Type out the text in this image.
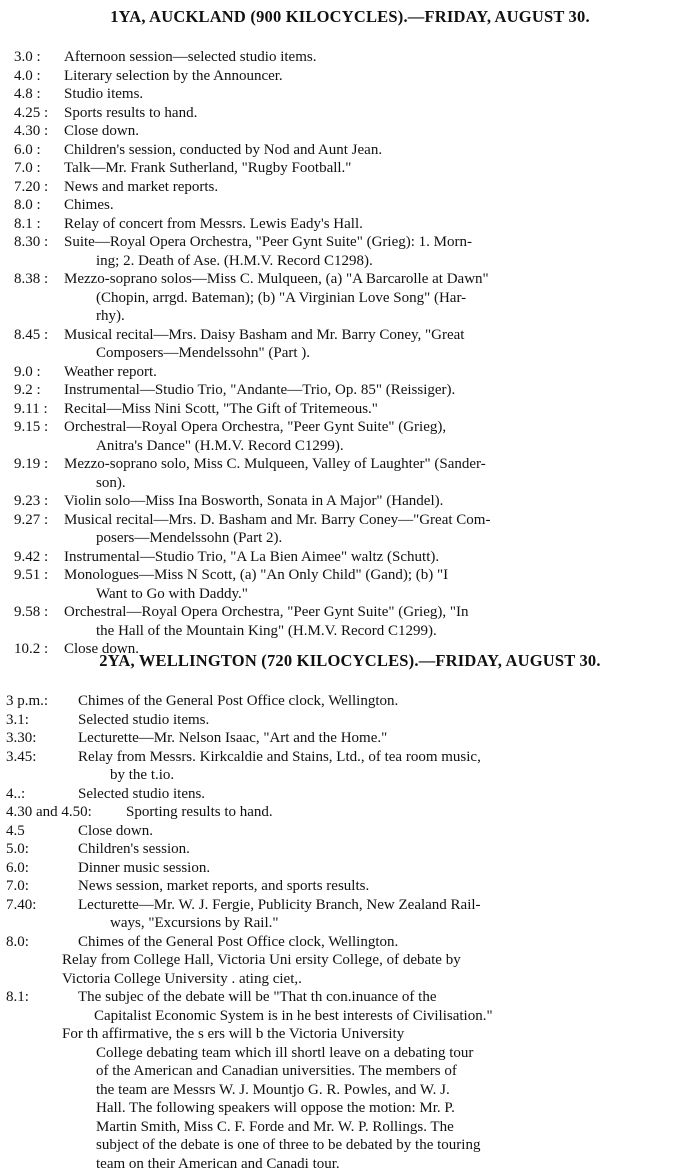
1YA, AUCKLAND (900 KILOCYCLES).—FRIDAY, AUGUST 30.
3.0 :	Afternoon session—selected studio items.
4.0 :	Literary selection by the Announcer.
4.8 :	Studio items.
4.25 :	Sports results to hand.
4.30 :	Close down.
6.0 :	Children's session, conducted by Nod and Aunt Jean.
7.0 :	Talk—Mr. Frank Sutherland, "Rugby Football."
7.20 :	News and market reports.
8.0 :	Chimes.
8.1 :	Relay of concert from Messrs. Lewis Eady's Hall.
8.30 :	Suite—Royal Opera Orchestra, "Peer Gynt Suite" (Grieg): 1. Morn-
ing; 2. Death of Ase. (H.M.V. Record C1298).
8.38 :	Mezzo-soprano solos—Miss C. Mulqueen, (a) "A Barcarolle at Dawn"
(Chopin, arrgd. Bateman); (b) "A Virginian Love Song" (Har-
rhy).
8.45 :	Musical recital—Mrs. Daisy Basham and Mr. Barry Coney, "Great
Composers—Mendelssohn" (Part ).
9.0 :	Weather report.
9.2 :	Instrumental—Studio Trio, "Andante—Trio, Op. 85" (Reissiger).
9.11 :	Recital—Miss Nini Scott, "The Gift of Tritemeous."
9.15 :	Orchestral—Royal Opera Orchestra, "Peer Gynt Suite" (Grieg),
Anitra's Dance" (H.M.V. Record C1299).
9.19 :	Mezzo-soprano solo, Miss C. Mulqueen, Valley of Laughter" (Sander-
son).
9.23 :	Violin solo—Miss Ina Bosworth, Sonata in A Major" (Handel).
9.27 :	Musical recital—Mrs. D. Basham and Mr. Barry Coney—"Great Com-
posers—Mendelssohn (Part 2).
9.42 :	Instrumental—Studio Trio, "A La Bien Aimee" waltz (Schutt).
9.51 :	Monologues—Miss N Scott, (a) "An Only Child" (Gand); (b) "I
Want to Go with Daddy."
9.58 :	Orchestral—Royal Opera Orchestra, "Peer Gynt Suite" (Grieg), "In
the Hall of the Mountain King" (H.M.V. Record C1299).
10.2 :	Close down.
2YA, WELLINGTON (720 KILOCYCLES).—FRIDAY, AUGUST 30.
3 p.m.:	Chimes of the General Post Office clock, Wellington.
3.1:	Selected studio items.
3.30:	Lecturette—Mr. Nelson Isaac, "Art and the Home."
3.45:	Relay from Messrs. Kirkcaldie and Stains, Ltd., of tea room music,
by the t.io.
4..:	Selected studio itens.
4.30 and 4.50:	Sporting results to hand.
4.5	Close down.
5.0:	Children's session.
6.0:	Dinner music session.
7.0:	News session, market reports, and sports results.
7.40:	Lecturette—Mr. W. J. Fergie, Publicity Branch, New Zealand Rail-
ways, "Excursions by Rail."
8.0:	Chimes of the General Post Office clock, Wellington.
Relay from College Hall, Victoria Uni ersity College, of debate by
Victoria College University . ating ciet,.
8.1:	The subjec of the debate will be "That th con.inuance of the
Capitalist Economic System is in he best interests of Civilisation."
For th affirmative, the s ers will b the Victoria University
College debating team which ill shortl leave on a debating tour
of the American and Canadian universities. The members of
the team are Messrs W. J. Mountjo G. R. Powles, and W. J.
Hall. The following speakers will oppose the motion: Mr. P.
Martin Smith, Miss C. F. Forde and Mr. W. P. Rollings. The
subject of the debate is one of three to be debated by the touring
team on their American and Canadi tour.
